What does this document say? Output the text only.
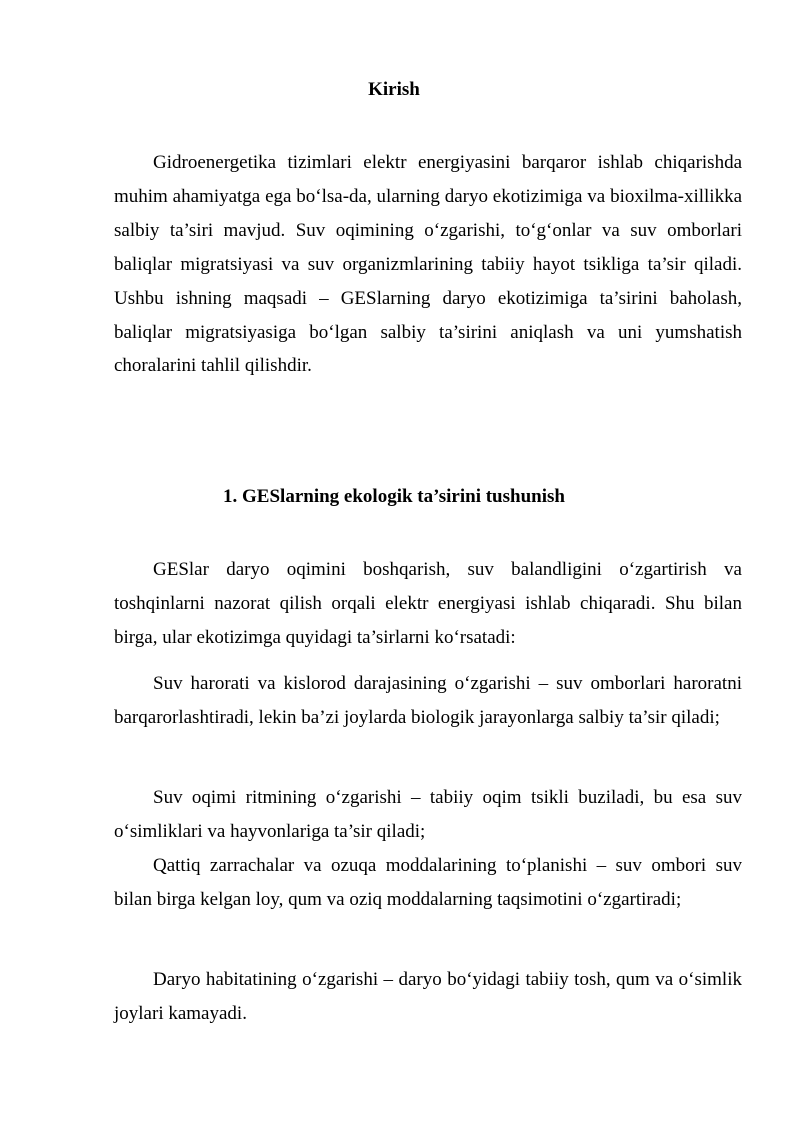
Kirish

Gidroenergetika tizimlari elektr energiyasini barqaror ishlab chiqarishda muhim ahamiyatga ega bo‘lsa-da, ularning daryo ekotizimiga va bioxilma-xillikka salbiy ta’siri mavjud. Suv oqimining o‘zgarishi, to‘g‘onlar va suv omborlari baliqlar migratsiyasi va suv organizmlarining tabiiy hayot tsikliga ta’sir qiladi. Ushbu ishning maqsadi – GESlarning daryo ekotizimiga ta’sirini baholash, baliqlar migratsiyasiga bo‘lgan salbiy ta’sirini aniqlash va uni yumshatish choralarini tahlil qilishdir.

GESlar daryo oqimini boshqarish, suv balandligini o‘zgartirish va toshqinlarni nazorat qilish orqali elektr energiyasi ishlab chiqaradi. Shu bilan birga, ular ekotizimga quyidagi ta’sirlarni ko‘rsatadi:

Suv harorati va kislorod darajasining o‘zgarishi – suv omborlari haroratni barqarorlashtiradi, lekin ba’zi joylarda biologik jarayonlarga salbiy ta’sir qiladi;

Suv oqimi ritmining o‘zgarishi – tabiiy oqim tsikli buziladi, bu esa suv o‘simliklari va hayvonlariga ta’sir qiladi;

Qattiq zarrachalar va ozuqa moddalarining to‘planishi – suv ombori suv bilan birga kelgan loy, qum va oziq moddalarning taqsimotini o‘zgartiradi;

Daryo habitatining o‘zgarishi – daryo bo‘yidagi tabiiy tosh, qum va o‘simlik joylari kamayadi.

1. GESlarning ekologik ta’sirini tushunish
